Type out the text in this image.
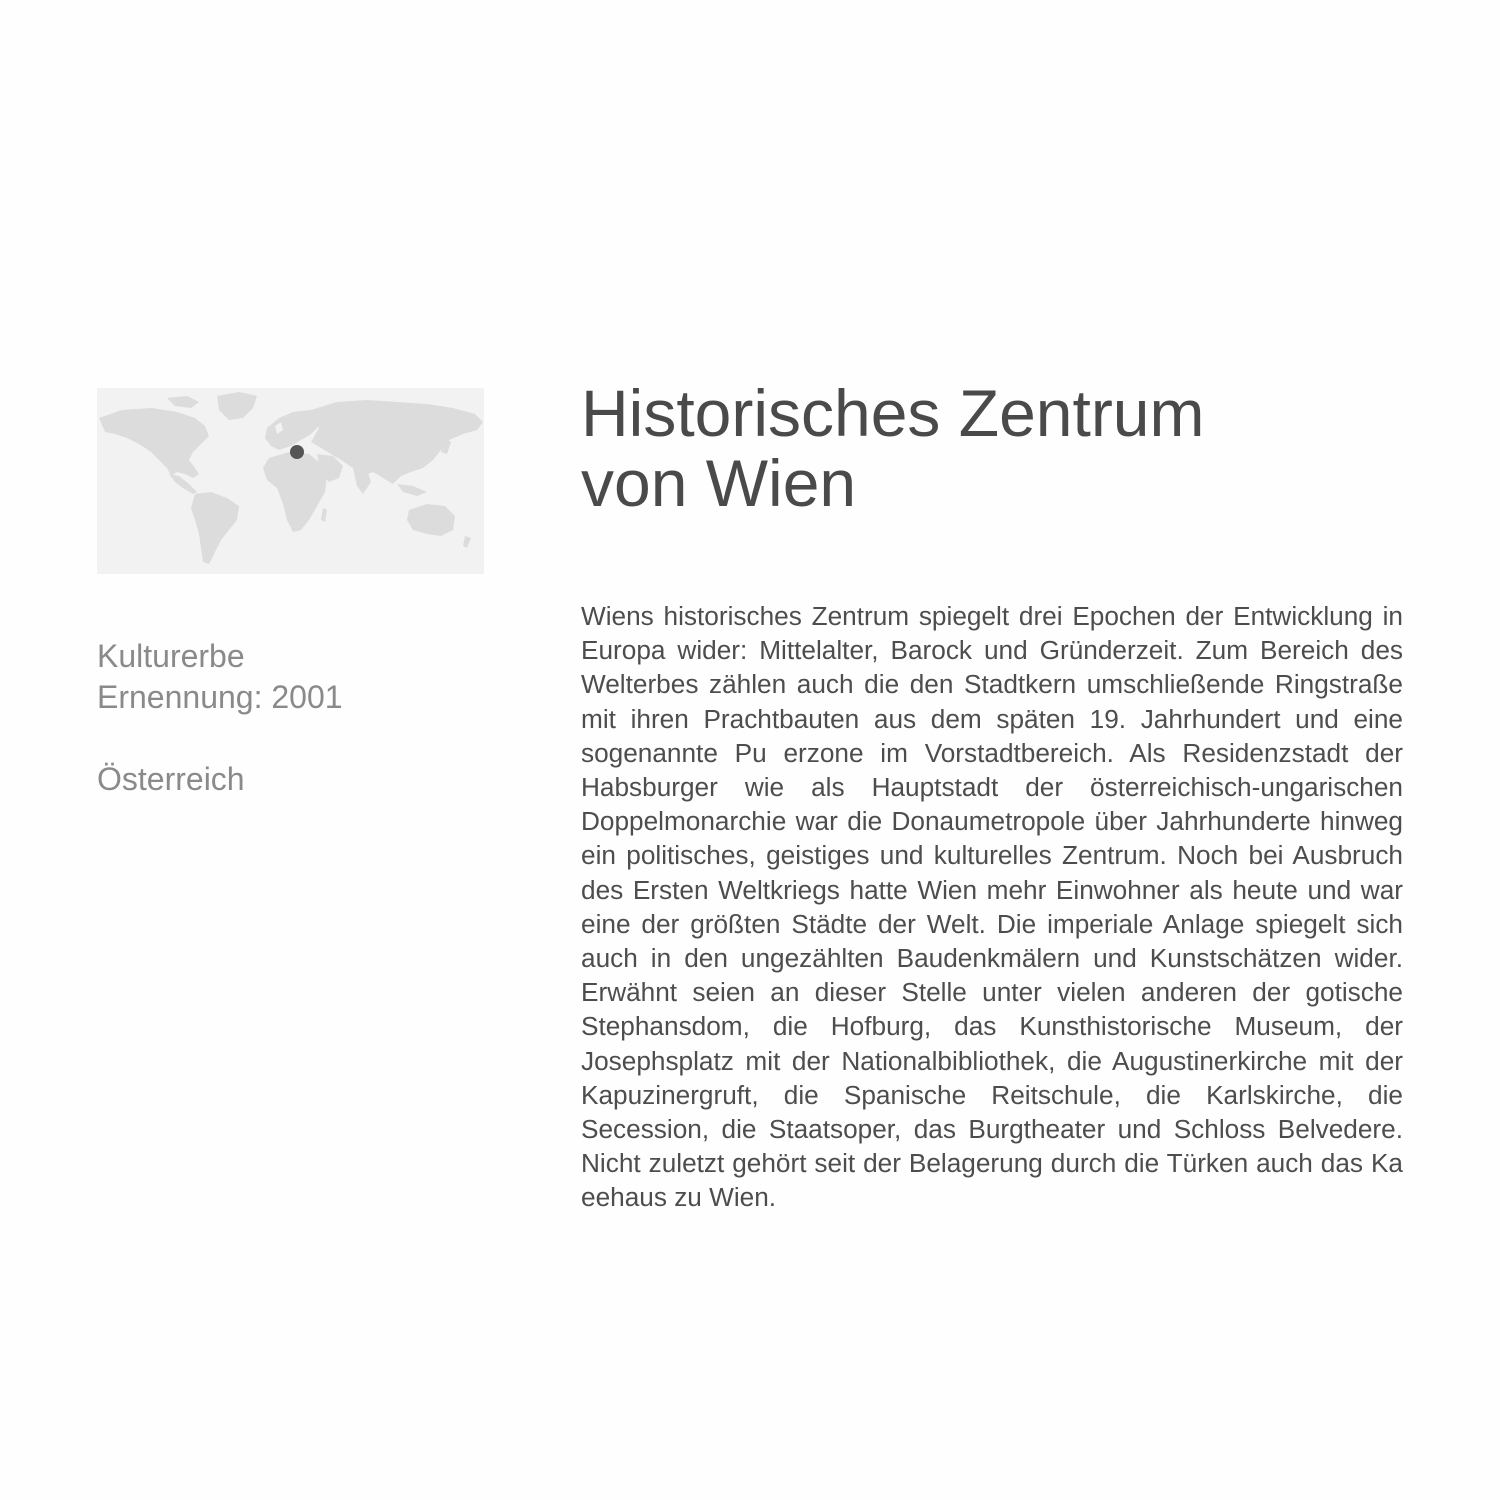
Kulturerbe
Ernennung: 2001
Österreich
Historisches Zentrum
von Wien

Wiens historisches Zentrum spiegelt drei Epochen der Entwicklung in Europa wider: Mittelalter, Barock und Gründerzeit. Zum Bereich des Welterbes zählen auch die den Stadtkern umschließende Ringstraße mit ihren Prachtbauten aus dem späten 19. Jahrhundert und eine sogenannte Pu erzone im Vorstadtbereich. Als Residenzstadt der Habsburger wie als Hauptstadt der österreichisch-ungarischen Doppelmonarchie war die Donaumetropole über Jahrhunderte hinweg ein politisches, geistiges und kulturelles Zentrum. Noch bei Ausbruch des Ersten Weltkriegs hatte Wien mehr Einwohner als heute und war eine der größten Städte der Welt. Die imperiale Anlage spiegelt sich auch in den ungezählten Baudenkmälern und Kunstschätzen wider. Erwähnt seien an dieser Stelle unter vielen anderen der gotische Stephansdom, die Hofburg, das Kunsthistorische Museum, der Josephsplatz mit der Nationalbibliothek, die Augustinerkirche mit der Kapuzinergruft, die Spanische Reitschule, die Karlskirche, die Secession, die Staatsoper, das Burgtheater und Schloss Belvedere. Nicht zuletzt gehört seit der Belagerung durch die Türken auch das Ka eehaus zu Wien.
